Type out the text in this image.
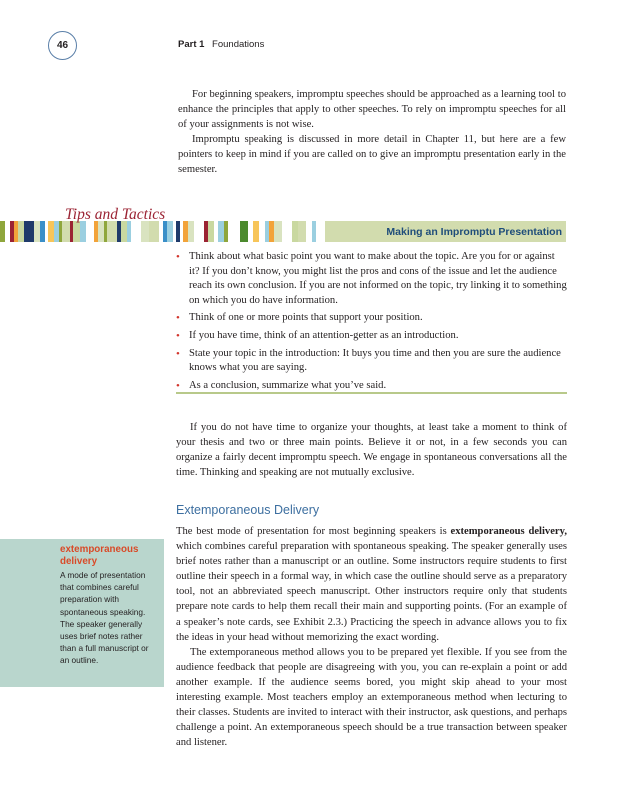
46	Part 1 Foundations

For beginning speakers, impromptu speeches should be approached as a learning tool to enhance the principles that apply to other speeches. To rely on impromptu speeches for all of your assignments is not wise.

Impromptu speaking is discussed in more detail in Chapter 11, but here are a few pointers to keep in mind if you are called on to give an impromptu presentation early in the semester.

Tips and Tactics
Making an Impromptu Presentation
• Think about what basic point you want to make about the topic. Are you for or against it? If you don’t know, you might list the pros and cons of the issue and let the audience reach its own conclusion. If you are not informed on the topic, try linking it to something on which you do have information.
• Think of one or more points that support your position.
• If you have time, think of an attention-getter as an introduction.
• State your topic in the introduction: It buys you time and then you are sure the audience knows what you are saying.
• As a conclusion, summarize what you’ve said.

If you do not have time to organize your thoughts, at least take a moment to think of your thesis and two or three main points. Believe it or not, in a few seconds you can organize a fairly decent impromptu speech. We engage in spontaneous conversations all the time. Thinking and speaking are not mutually exclusive.

Extemporaneous Delivery

The best mode of presentation for most beginning speakers is extemporaneous delivery, which combines careful preparation with spontaneous speaking. The speaker generally uses brief notes rather than a manuscript or an outline. Some instructors require students to first outline their speech in a formal way, in which case the outline should serve as a preparatory tool, not an abbreviated speech manuscript. Other instructors require only that students prepare note cards to help them recall their main and supporting points. (For an example of a speaker’s note cards, see Exhibit 2.3.) Practicing the speech in advance allows you to fix the ideas in your head without memorizing the exact wording.

The extemporaneous method allows you to be prepared yet flexible. If you see from the audience feedback that people are disagreeing with you, you can re-explain a point or add another example. If the audience seems bored, you might skip ahead to your most interesting example. Most teachers employ an extemporaneous method when lecturing to their classes. Students are invited to interact with their instructor, ask questions, and perhaps challenge a point. An extemporaneous speech should be a true transaction between speaker and listener.

extemporaneous delivery
A mode of presentation that combines careful preparation with spontaneous speaking. The speaker generally uses brief notes rather than a full manuscript or an outline.
